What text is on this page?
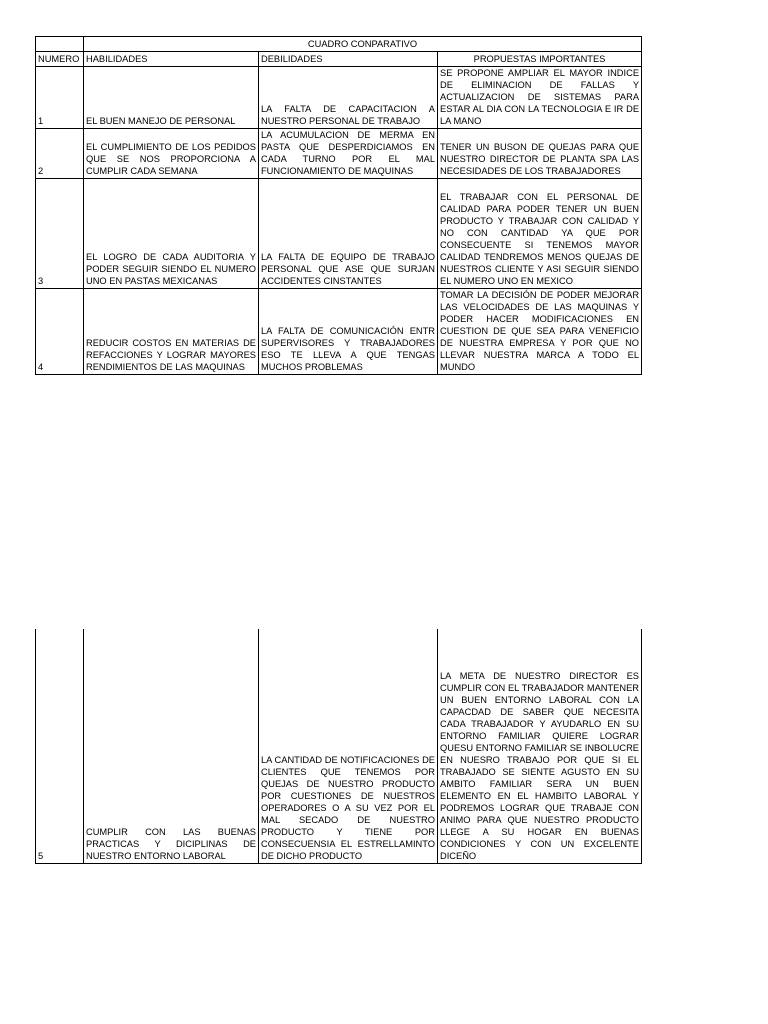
	CUADRO CONPARATIVO		
NUMERO	HABILIDADES	DEBILIDADES	PROPUESTAS IMPORTANTES
1	EL BUEN MANEJO DE PERSONAL	LA FALTA DE CAPACITACION A NUESTRO PERSONAL DE TRABAJO	SE PROPONE AMPLIAR EL MAYOR INDICE DE ELIMINACION DE FALLAS Y ACTUALIZACION DE SISTEMAS PARA ESTAR AL DIA CON LA TECNOLOGIA E IR DE LA MANO
2	EL CUMPLIMIENTO DE LOS PEDIDOS QUE SE NOS PROPORCIONA A CUMPLIR CADA SEMANA	LA ACUMULACION DE MERMA EN PASTA QUE DESPERDICIAMOS EN CADA TURNO POR EL MAL FUNCIONAMIENTO DE MAQUINAS	TENER UN BUSON DE QUEJAS PARA QUE NUESTRO DIRECTOR DE PLANTA SPA LAS NECESIDADES DE LOS TRABAJADORES
3	EL LOGRO DE CADA AUDITORIA Y PODER SEGUIR SIENDO EL NUMERO UNO EN PASTAS MEXICANAS	LA FALTA DE EQUIPO DE TRABAJO PERSONAL QUE ASE QUE SURJAN ACCIDENTES CINSTANTES	EL TRABAJAR CON EL PERSONAL DE CALIDAD PARA PODER TENER UN BUEN PRODUCTO Y TRABAJAR CON CALIDAD Y NO CON CANTIDAD YA QUE POR CONSECUENTE SI TENEMOS MAYOR CALIDAD TENDREMOS MENOS QUEJAS DE NUESTROS CLIENTE Y ASI SEGUIR SIENDO EL NUMERO UNO EN MEXICO
4	REDUCIR COSTOS EN MATERIAS DE REFACCIONES Y LOGRAR MAYORES RENDIMIENTOS DE LAS MAQUINAS	LA FALTA DE COMUNICACIÓN ENTR SUPERVISORES Y TRABAJADORES ESO TE LLEVA A QUE TENGAS MUCHOS PROBLEMAS	TOMAR LA DECISIÓN DE PODER MEJORAR LAS VELOCIDADES DE LAS MAQUINAS Y PODER HACER MODIFICACIONES EN CUESTION DE QUE SEA PARA VENEFICIO DE NUESTRA EMPRESA Y POR QUE NO LLEVAR NUESTRA MARCA A TODO EL MUNDO
5	CUMPLIR CON LAS BUENAS PRACTICAS Y DICIPLINAS DE NUESTRO ENTORNO LABORAL	LA CANTIDAD DE NOTIFICACIONES DE CLIENTES QUE TENEMOS POR QUEJAS DE NUESTRO PRODUCTO POR CUESTIONES DE NUESTROS OPERADORES O A SU VEZ POR EL MAL SECADO DE NUESTRO PRODUCTO Y TIENE POR CONSECUENSIA EL ESTRELLAMINTO DE DICHO PRODUCTO	LA META DE NUESTRO DIRECTOR ES CUMPLIR CON EL TRABAJADOR MANTENER UN BUEN ENTORNO LABORAL CON LA CAPACDAD DE SABER QUE NECESITA CADA TRABAJADOR Y AYUDARLO EN SU ENTORNO FAMILIAR QUIERE LOGRAR QUESU ENTORNO FAMILIAR SE INBOLUCRE EN NUESRO TRABAJO POR QUE SI EL TRABAJADO SE SIENTE AGUSTO EN SU AMBITO FAMILIAR SERA UN BUEN ELEMENTO EN EL HAMBITO LABORAL Y PODREMOS LOGRAR QUE TRABAJE CON ANIMO PARA QUE NUESTRO PRODUCTO LLEGE A SU HOGAR EN BUENAS CONDICIONES Y CON UN EXCELENTE DICEÑO
